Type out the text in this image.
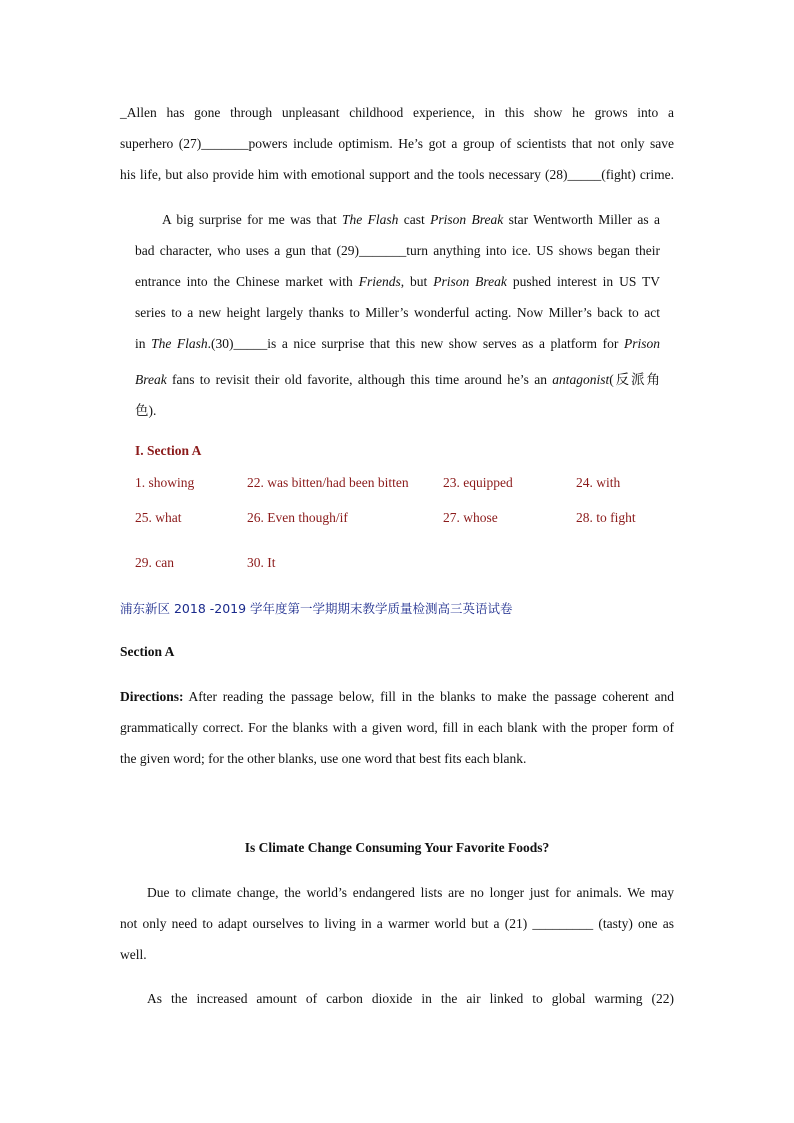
_Allen has gone through unpleasant childhood experience, in this show he grows into a
superhero (27)_______powers include optimism. He’s got a group of scientists that not only save
his life, but also provide him with emotional support and the tools necessary (28)_____(fight) crime.
A big surprise for me was that The Flash cast Prison Break star Wentworth Miller as a
bad character, who uses a gun that (29)_______turn anything into ice. US shows began their
entrance into the Chinese market with Friends, but Prison Break pushed interest in US TV
series to a new height largely thanks to Miller’s wonderful acting. Now Miller’s back to act
in The Flash.(30)_____is a nice surprise that this new show serves as a platform for Prison
Break fans to revisit their old favorite, although this time around he’s an antagonist(反派角
色).
I. Section A
1. showing	22. was bitten/had been bitten	23. equipped	24. with
25. what	26. Even though/if	27. whose	28. to fight
29. can	30. It
浦东新区 2018 -2019 学年度第一学期期末教学质量检测高三英语试卷
Section A
Directions: After reading the passage below, fill in the blanks to make the passage coherent and
grammatically correct. For the blanks with a given word, fill in each blank with the proper form of
the given word; for the other blanks, use one word that best fits each blank.
Is Climate Change Consuming Your Favorite Foods?
Due to climate change, the world’s endangered lists are no longer just for animals. We may
not only need to adapt ourselves to living in a warmer world but a (21) _________ (tasty) one as
well.
As the increased amount of carbon dioxide in the air linked to global warming (22)
